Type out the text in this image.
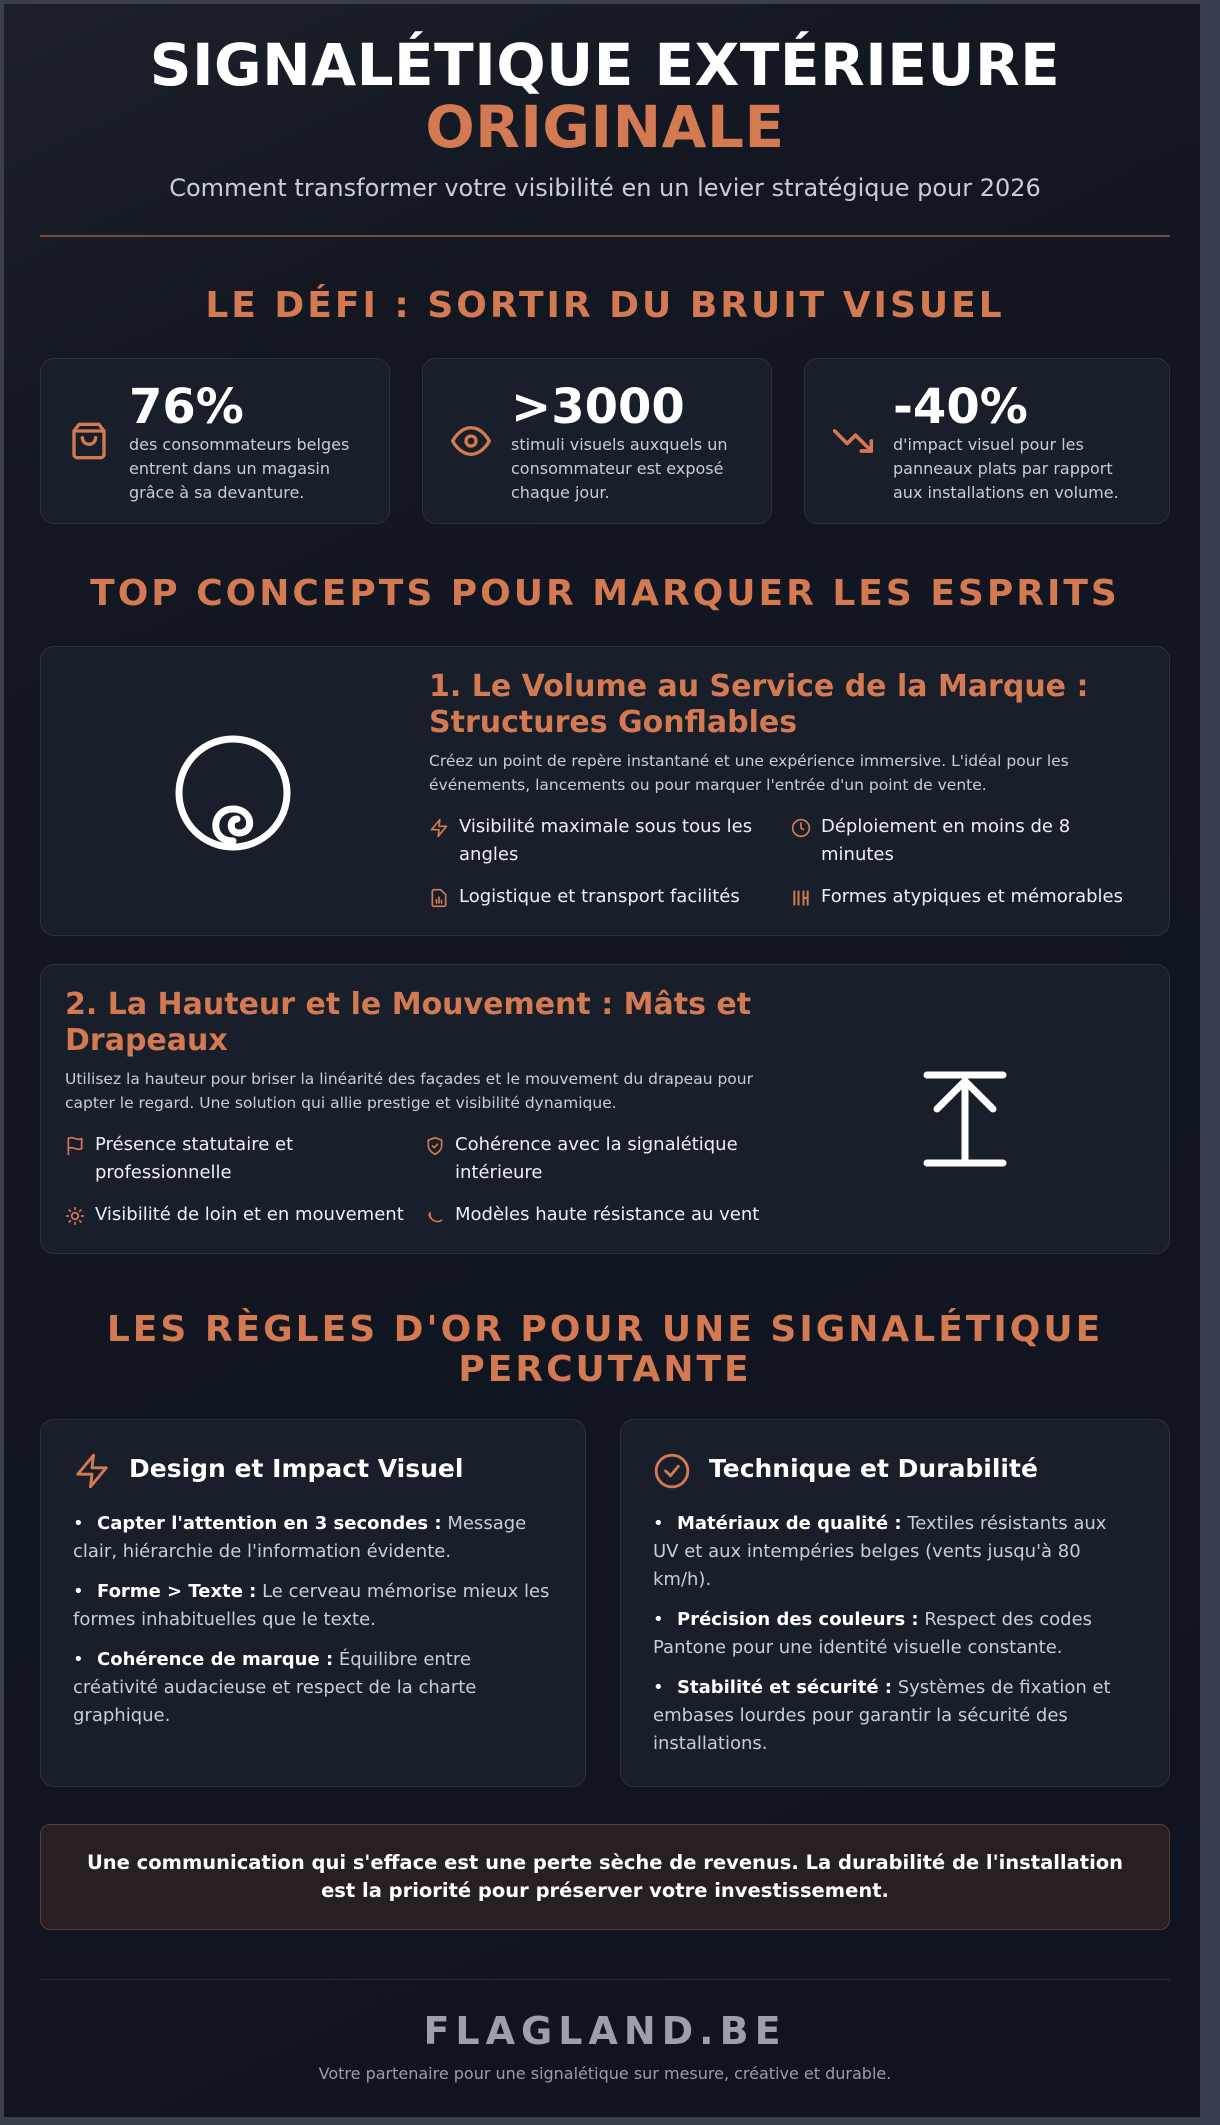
SIGNALÉTIQUE EXTÉRIEURE
ORIGINALE

Comment transformer votre visibilité en un levier stratégique pour 2026

LE DÉFI : SORTIR DU BRUIT VISUEL
76%
des consommateurs belges entrent dans un magasin grâce à sa devanture.
>3000
stimuli visuels auxquels un consommateur est exposé chaque jour.
-40%
d'impact visuel pour les panneaux plats par rapport aux installations en volume.
TOP CONCEPTS POUR MARQUER LES ESPRITS
1. Le Volume au Service de la Marque : Structures Gonflables
Créez un point de repère instantané et une expérience immersive. L'idéal pour les événements, lancements ou pour marquer l'entrée d'un point de vente.
Visibilité maximale sous tous les angles
Déploiement en moins de 8 minutes
Logistique et transport facilités	Formes atypiques et mémorables
2. La Hauteur et le Mouvement : Mâts et Drapeaux
Utilisez la hauteur pour briser la linéarité des façades et le mouvement du drapeau pour capter le regard. Une solution qui allie prestige et visibilité dynamique.
Présence statutaire et professionnelle
Cohérence avec la signalétique intérieure
Visibilité de loin et en mouvement	Modèles haute résistance au vent
LES RÈGLES D'OR POUR UNE SIGNALÉTIQUE
PERCUTANTE
Design et Impact Visuel
• Capter l'attention en 3 secondes : Message clair, hiérarchie de l'information évidente.
• Forme > Texte : Le cerveau mémorise mieux les formes inhabituelles que le texte.
• Cohérence de marque : Équilibre entre créativité audacieuse et respect de la charte graphique.
Technique et Durabilité
• Matériaux de qualité : Textiles résistants aux UV et aux intempéries belges (vents jusqu'à 80 km/h).
• Précision des couleurs : Respect des codes Pantone pour une identité visuelle constante.
• Stabilité et sécurité : Systèmes de fixation et embases lourdes pour garantir la sécurité des installations.
Une communication qui s'efface est une perte sèche de revenus. La durabilité de l'installation est la priorité pour préserver votre investissement.
FLAGLAND.BE
Votre partenaire pour une signalétique sur mesure, créative et durable.
